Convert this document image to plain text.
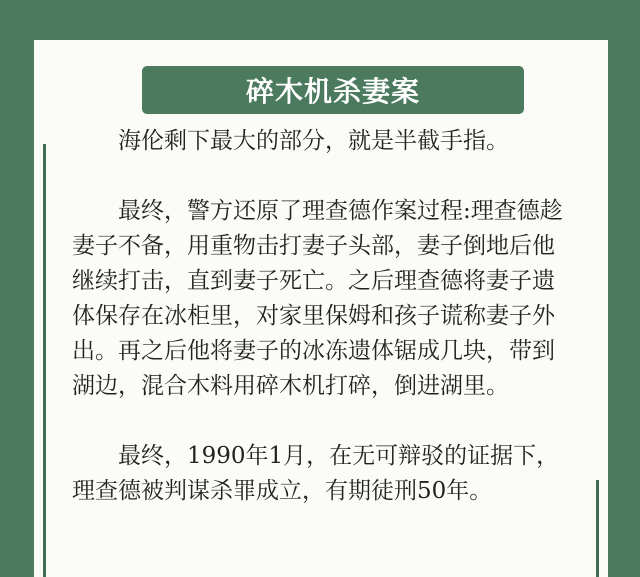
碎木机杀妻案

海伦剩下最大的部分，就是半截手指。

最终，警方还原了理查德作案过程:理查德趁妻子不备，用重物击打妻子头部，妻子倒地后他继续打击，直到妻子死亡。之后理查德将妻子遗体保存在冰柜里，对家里保姆和孩子谎称妻子外出。再之后他将妻子的冰冻遗体锯成几块，带到湖边，混合木料用碎木机打碎，倒进湖里。

最终，1990年1月，在无可辩驳的证据下，理查德被判谋杀罪成立，有期徒刑50年。
